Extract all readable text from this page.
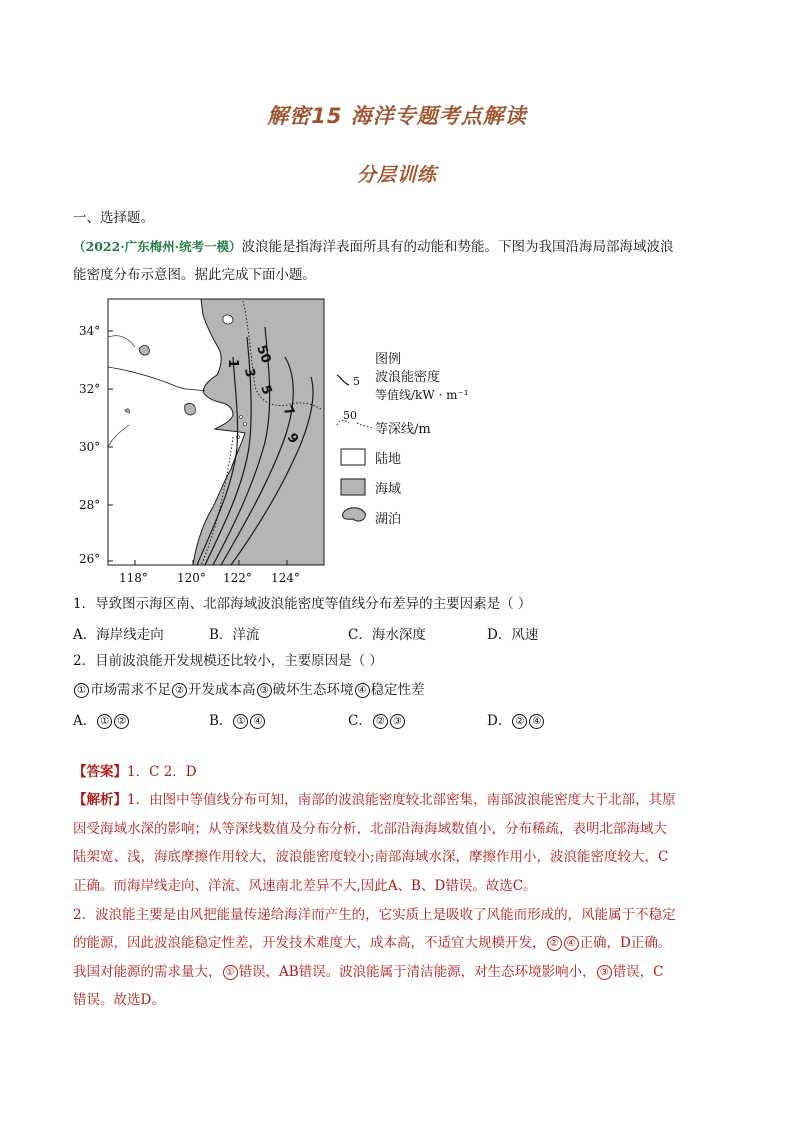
解密15 海洋专题考点解读
分层训练
一、选择题。
（2022·广东梅州·统考一模）波浪能是指海洋表面所具有的动能和势能。下图为我国沿海局部海域波浪
能密度分布示意图。据此完成下面小题。
50
1
3
5
7
9
34°
32°
30°
28°
26°
118° 120° 122° 124°
图例
5 波浪能密度
等值线/kW · m⁻¹
50
等深线/m
陆地
海域
湖泊
1．导致图示海区南、北部海域波浪能密度等值线分布差异的主要因素是（ ）
A．海岸线走向	B．洋流	C．海水深度	D．风速
2．目前波浪能开发规模还比较小，主要原因是（ ）
① 市场需求不足 ② 开发成本高 ③ 破坏生态环境 ④ 稳定性差
A． ① ②	B． ① ④	C． ② ③	D． ② ④
【答案】1．C 2．D
【解析】1．由图中等值线分布可知，南部的波浪能密度较北部密集，南部波浪能密度大于北部，其原
因受海域水深的影响；从等深线数值及分布分析，北部沿海海域数值小，分布稀疏，表明北部海域大
陆架宽、浅，海底摩擦作用较大，波浪能密度较小;南部海域水深，摩擦作用小，波浪能密度较大，C
正确。而海岸线走向、洋流、风速南北差异不大,因此A、B、D错误。故选C。
2．波浪能主要是由风把能量传递给海洋而产生的，它实质上是吸收了风能而形成的，风能属于不稳定
的能源，因此波浪能稳定性差，开发技术难度大，成本高，不适宜大规模开发， ② ④ 正确，D正确。
我国对能源的需求量大， ① 错误，AB错误。波浪能属于清洁能源，对生态环境影响小， ③ 错误，C
错误。故选D。
